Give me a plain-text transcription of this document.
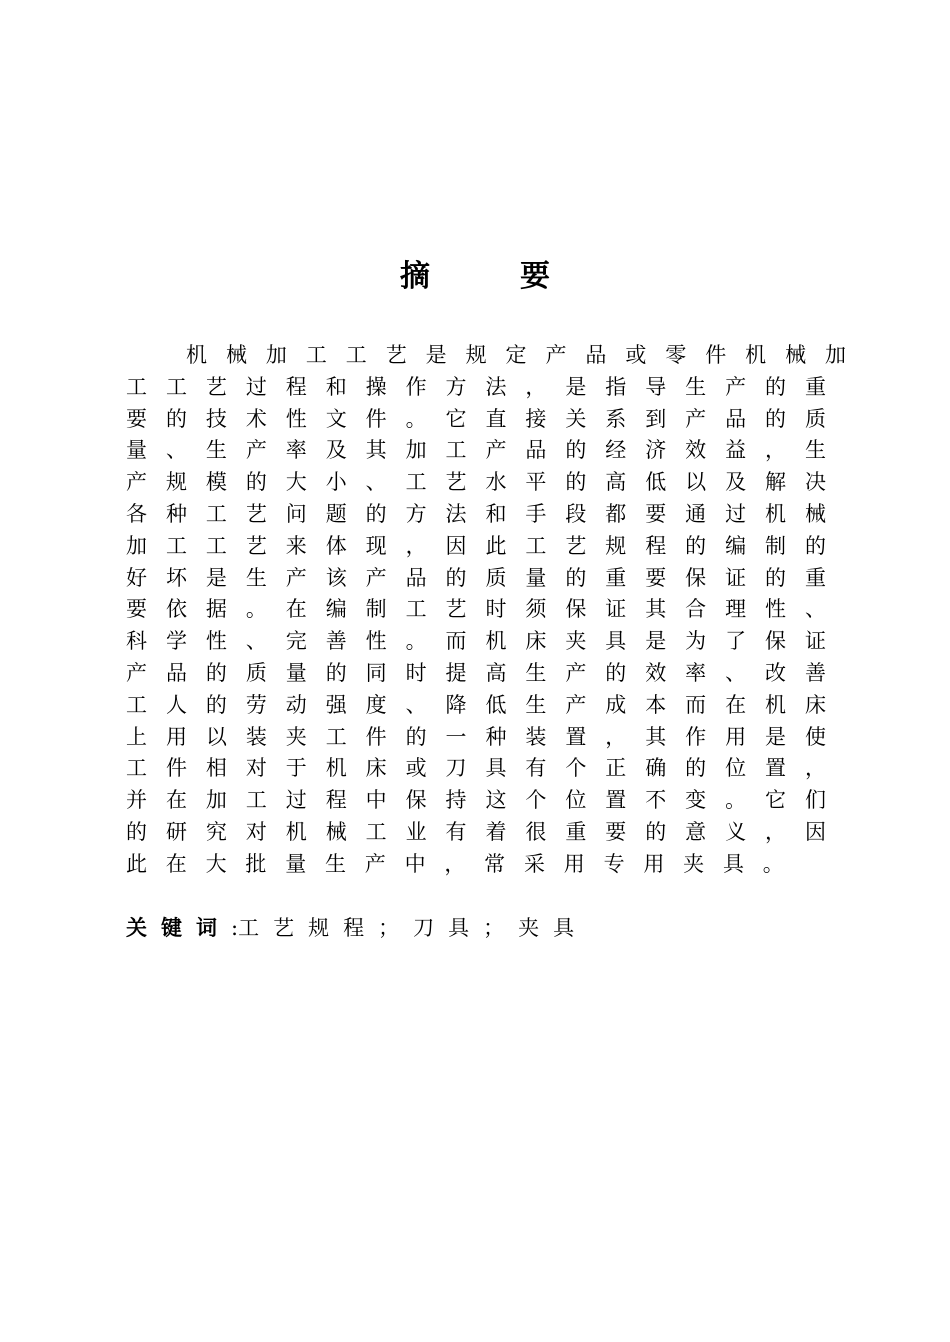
摘　要
机 械 加 工 工 艺 是 规 定 产 品 或 零 件 机 械 加
工 工 艺 过 程 和 操 作 方 法 ， 是 指 导 生 产 的 重
要 的 技 术 性 文 件 。 它 直 接 关 系 到 产 品 的 质
量 、 生 产 率 及 其 加 工 产 品 的 经 济 效 益 ， 生
产 规 模 的 大 小 、 工 艺 水 平 的 高 低 以 及 解 决
各 种 工 艺 问 题 的 方 法 和 手 段 都 要 通 过 机 械
加 工 工 艺 来 体 现 ， 因 此 工 艺 规 程 的 编 制 的
好 坏 是 生 产 该 产 品 的 质 量 的 重 要 保 证 的 重
要 依 据 。 在 编 制 工 艺 时 须 保 证 其 合 理 性 、
科 学 性 、 完 善 性 。 而 机 床 夹 具 是 为 了 保 证
产 品 的 质 量 的 同 时 提 高 生 产 的 效 率 、 改 善
工 人 的 劳 动 强 度 、 降 低 生 产 成 本 而 在 机 床
上 用 以 装 夹 工 件 的 一 种 装 置 ， 其 作 用 是 使
工 件 相 对 于 机 床 或 刀 具 有 个 正 确 的 位 置 ，
并 在 加 工 过 程 中 保 持 这 个 位 置 不 变 。 它 们
的 研 究 对 机 械 工 业 有 着 很 重 要 的 意 义 ， 因
此 在 大 批 量 生 产 中 ， 常 采 用 专 用 夹 具 。
关键词:工艺规程；刀具；夹具
